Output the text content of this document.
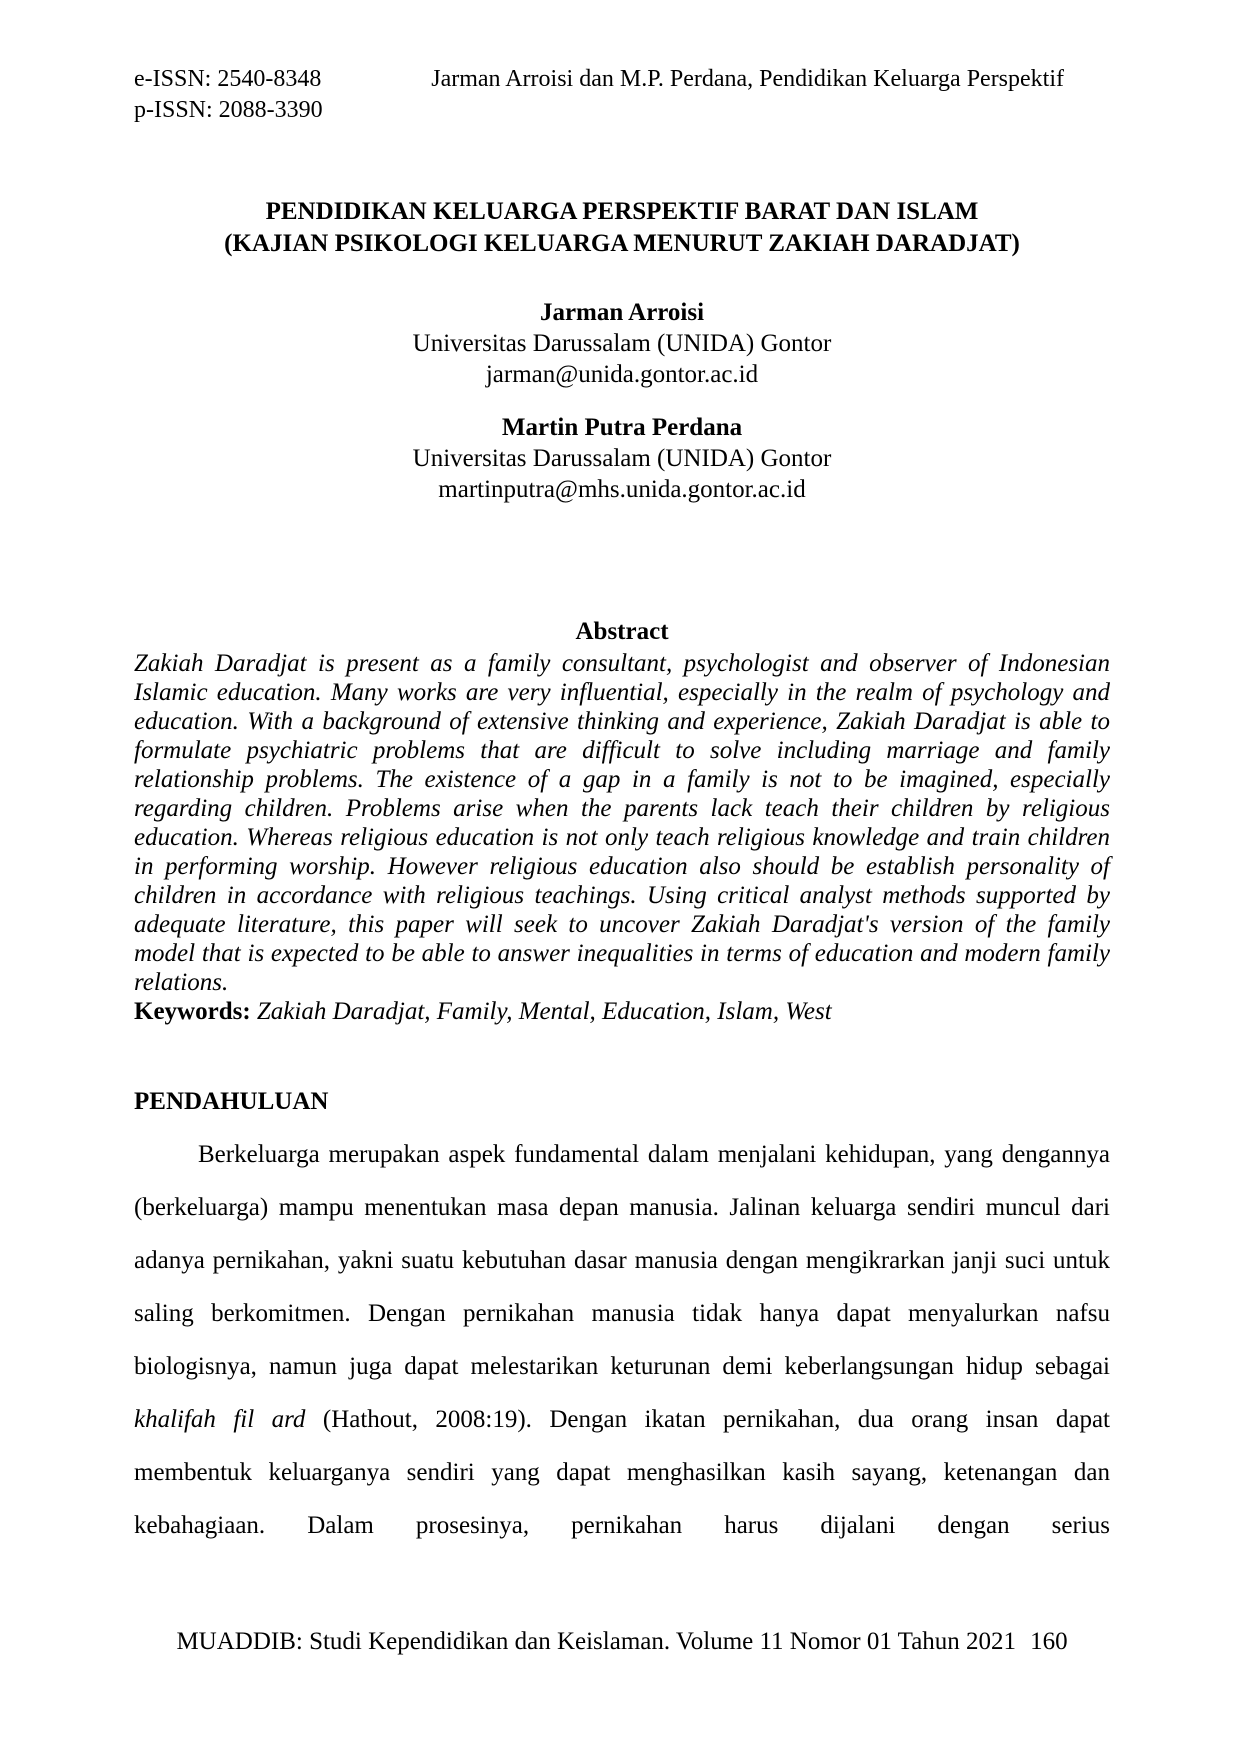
e-ISSN: 2540-8348
p-ISSN: 2088-3390
Jarman Arroisi dan M.P. Perdana, Pendidikan Keluarga Perspektif
PENDIDIKAN KELUARGA PERSPEKTIF BARAT DAN ISLAM
(KAJIAN PSIKOLOGI KELUARGA MENURUT ZAKIAH DARADJAT)
Jarman Arroisi
Universitas Darussalam (UNIDA) Gontor
jarman@unida.gontor.ac.id
Martin Putra Perdana
Universitas Darussalam (UNIDA) Gontor
martinputra@mhs.unida.gontor.ac.id
Abstract
Zakiah Daradjat is present as a family consultant, psychologist and observer of Indonesian Islamic education. Many works are very influential, especially in the realm of psychology and education. With a background of extensive thinking and experience, Zakiah Daradjat is able to formulate psychiatric problems that are difficult to solve including marriage and family relationship problems. The existence of a gap in a family is not to be imagined, especially regarding children. Problems arise when the parents lack teach their children by religious education. Whereas religious education is not only teach religious knowledge and train children in performing worship. However religious education also should be establish personality of children in accordance with religious teachings. Using critical analyst methods supported by adequate literature, this paper will seek to uncover Zakiah Daradjat's version of the family model that is expected to be able to answer inequalities in terms of education and modern family relations.
Keywords: Zakiah Daradjat, Family, Mental, Education, Islam, West
PENDAHULUAN

Berkeluarga merupakan aspek fundamental dalam menjalani kehidupan, yang dengannya (berkeluarga) mampu menentukan masa depan manusia. Jalinan keluarga sendiri muncul dari adanya pernikahan, yakni suatu kebutuhan dasar manusia dengan mengikrarkan janji suci untuk saling berkomitmen. Dengan pernikahan manusia tidak hanya dapat menyalurkan nafsu biologisnya, namun juga dapat melestarikan keturunan demi keberlangsungan hidup sebagai khalifah fil ard (Hathout, 2008:19). Dengan ikatan pernikahan, dua orang insan dapat membentuk keluarganya sendiri yang dapat menghasilkan kasih sayang, ketenangan dan kebahagiaan. Dalam prosesinya, pernikahan harus dijalani dengan serius

MUADDIB: Studi Kependidikan dan Keislaman. Volume 11 Nomor 01 Tahun 2021 160
